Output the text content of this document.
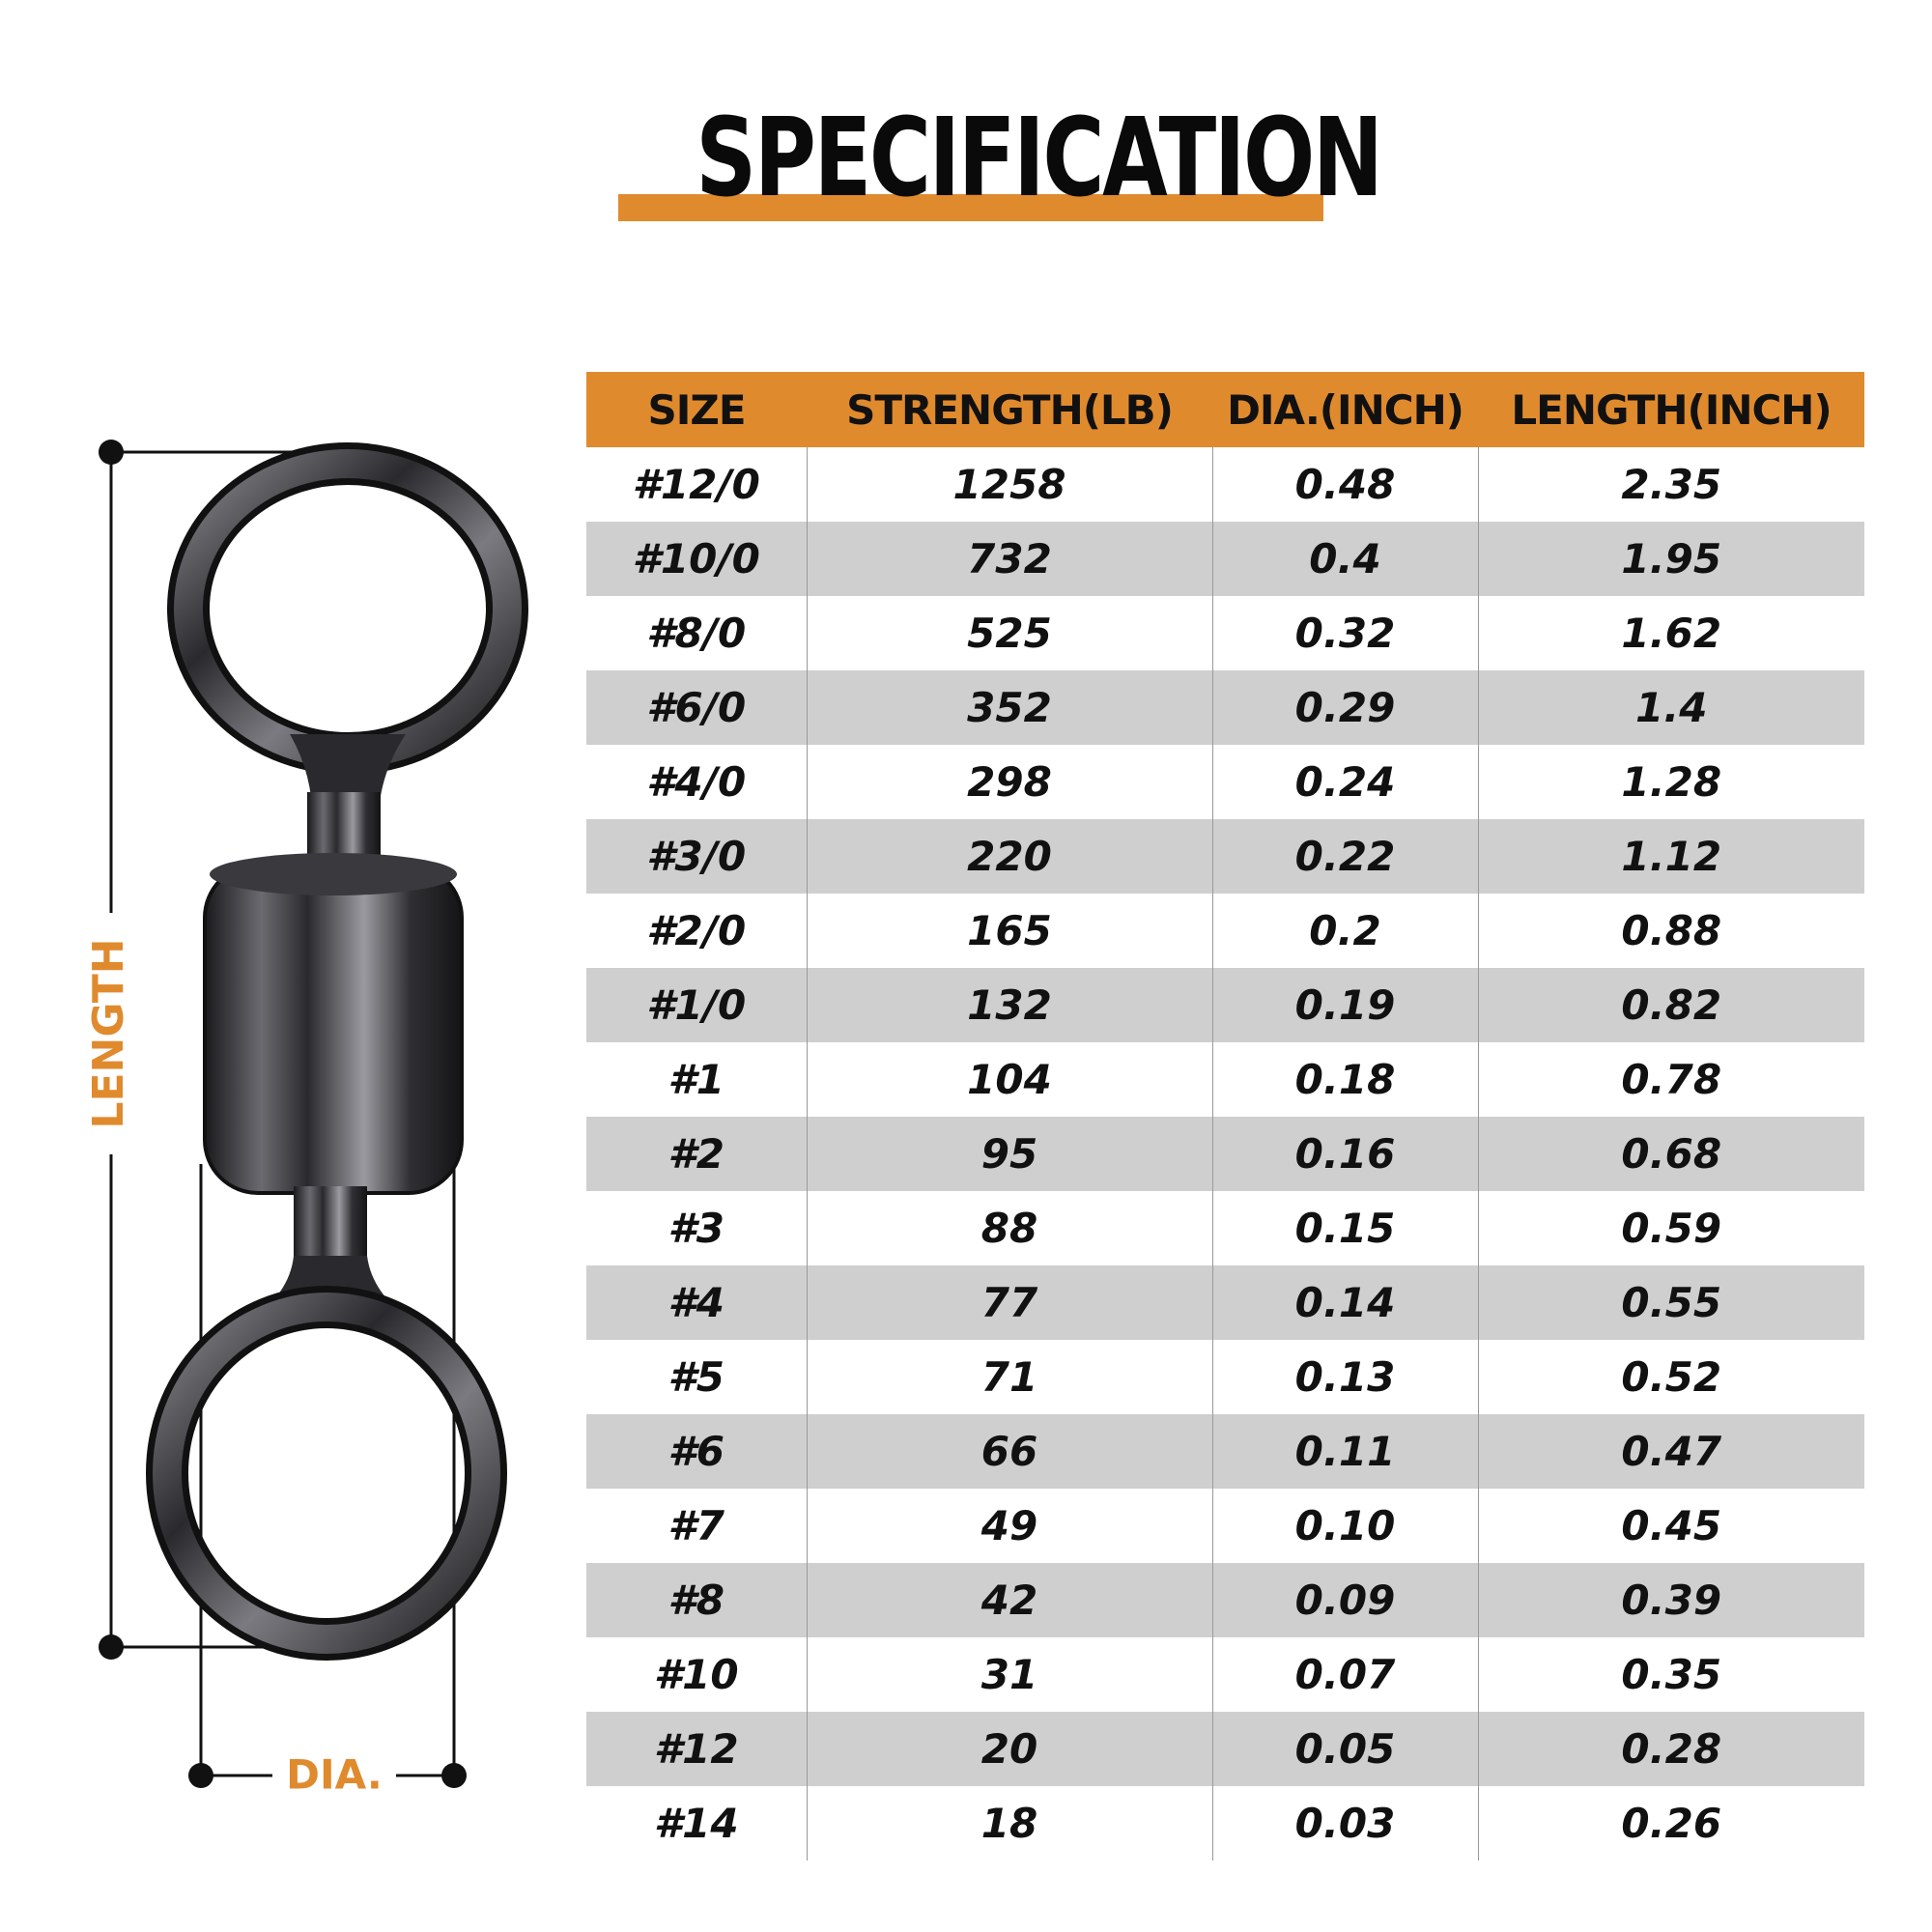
SPECIFICATION
LENGTH
DIA.
SIZE	STRENGTH(LB)	DIA.(INCH)	LENGTH(INCH)
#12/0	1258	0.48	2.35
#10/0	732	0.4	1.95
#8/0	525	0.32	1.62
#6/0	352	0.29	1.4
#4/0	298	0.24	1.28
#3/0	220	0.22	1.12
#2/0	165	0.2	0.88
#1/0	132	0.19	0.82
#1	104	0.18	0.78
#2	95	0.16	0.68
#3	88	0.15	0.59
#4	77	0.14	0.55
#5	71	0.13	0.52
#6	66	0.11	0.47
#7	49	0.10	0.45
#8	42	0.09	0.39
#10	31	0.07	0.35
#12	20	0.05	0.28
#14	18	0.03	0.26
